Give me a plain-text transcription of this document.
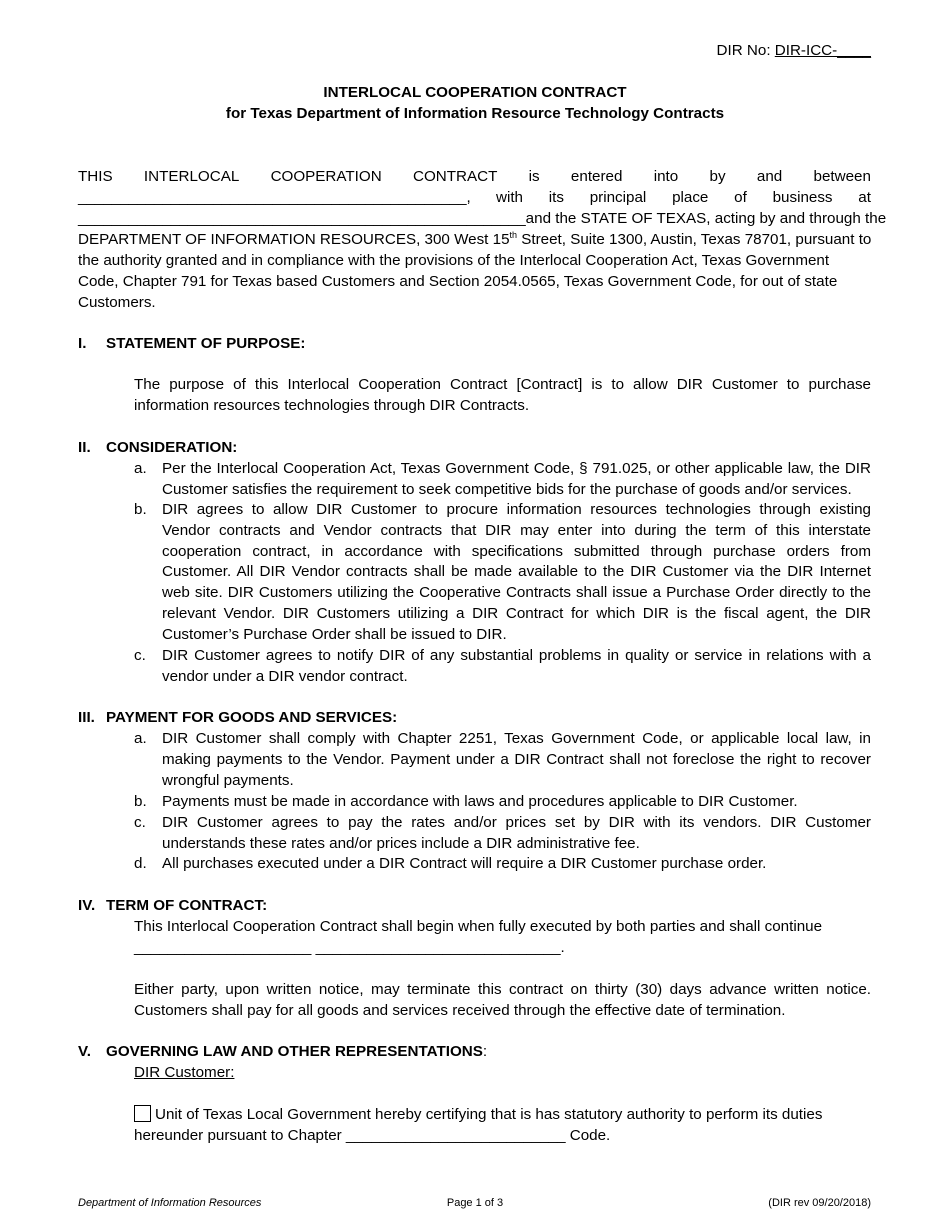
DIR No: DIR-ICC-____
INTERLOCAL COOPERATION CONTRACT
for Texas Department of Information Resource Technology Contracts
THIS INTERLOCAL COOPERATION CONTRACT is entered into by and between
______________________________________________, with its principal place of business at
_____________________________________________________and the STATE OF TEXAS, acting by and through the
DEPARTMENT OF INFORMATION RESOURCES, 300 West 15th Street, Suite 1300, Austin, Texas 78701, pursuant to
the authority granted and in compliance with the provisions of the Interlocal Cooperation Act, Texas Government
Code, Chapter 791 for Texas based Customers and Section 2054.0565, Texas Government Code, for out of state
Customers.
I. STATEMENT OF PURPOSE:
The purpose of this Interlocal Cooperation Contract [Contract] is to allow DIR Customer to purchase information resources technologies through DIR Contracts.
II. CONSIDERATION:
a. Per the Interlocal Cooperation Act, Texas Government Code, § 791.025, or other applicable law, the DIR Customer satisfies the requirement to seek competitive bids for the purchase of goods and/or services.
b. DIR agrees to allow DIR Customer to procure information resources technologies through existing Vendor contracts and Vendor contracts that DIR may enter into during the term of this interstate cooperation contract, in accordance with specifications submitted through purchase orders from Customer. All DIR Vendor contracts shall be made available to the DIR Customer via the DIR Internet web site. DIR Customers utilizing the Cooperative Contracts shall issue a Purchase Order directly to the relevant Vendor. DIR Customers utilizing a DIR Contract for which DIR is the fiscal agent, the DIR Customer’s Purchase Order shall be issued to DIR.
c. DIR Customer agrees to notify DIR of any substantial problems in quality or service in relations with a vendor under a DIR vendor contract.
III. PAYMENT FOR GOODS AND SERVICES:
a. DIR Customer shall comply with Chapter 2251, Texas Government Code, or applicable local law, in making payments to the Vendor. Payment under a DIR Contract shall not foreclose the right to recover wrongful payments.
b. Payments must be made in accordance with laws and procedures applicable to DIR Customer.
c. DIR Customer agrees to pay the rates and/or prices set by DIR with its vendors. DIR Customer understands these rates and/or prices include a DIR administrative fee.
d. All purchases executed under a DIR Contract will require a DIR Customer purchase order.
IV. TERM OF CONTRACT:
This Interlocal Cooperation Contract shall begin when fully executed by both parties and shall continue
_____________________ _____________________________.
Either party, upon written notice, may terminate this contract on thirty (30) days advance written notice. Customers shall pay for all goods and services received through the effective date of termination.
V. GOVERNING LAW AND OTHER REPRESENTATIONS:
DIR Customer:
Unit of Texas Local Government hereby certifying that is has statutory authority to perform its duties
hereunder pursuant to Chapter __________________________ Code.
Department of Information Resources	Page 1 of 3	(DIR rev 09/20/2018)
